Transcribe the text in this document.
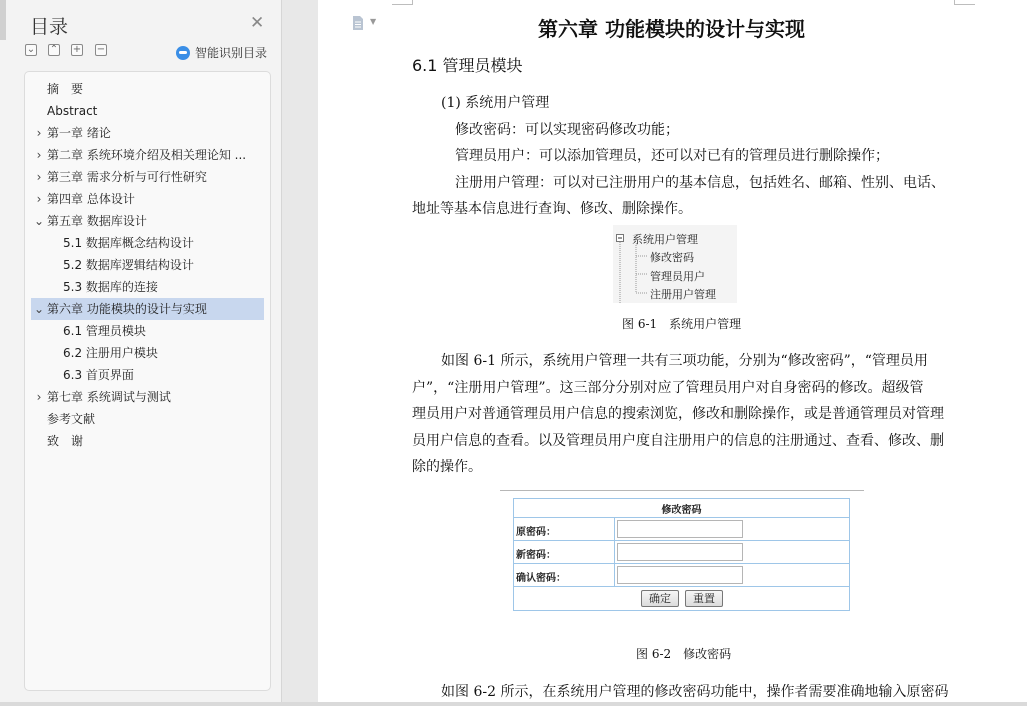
目录	✕
⌄ ⌃ + −	智能识别目录
摘　要
Abstract
› 第一章 绪论
› 第二章 系统环境介绍及相关理论知 ...
› 第三章 需求分析与可行性研究
› 第四章 总体设计
⌄ 第五章 数据库设计
5.1 数据库概念结构设计
5.2 数据库逻辑结构设计
5.3 数据库的连接
⌄ 第六章 功能模块的设计与实现
6.1 管理员模块
6.2 注册用户模块
6.3 首页界面
› 第七章 系统调试与测试
参考文献
致　谢
▼	第六章 功能模块的设计与实现
6.1 管理员模块
(1) 系统用户管理
修改密码：可以实现密码修改功能；
管理员用户：可以添加管理员，还可以对已有的管理员进行删除操作；
注册用户管理：可以对已注册用户的基本信息，包括姓名、邮箱、性别、电话、
地址等基本信息进行查询、修改、删除操作。
系统用户管理
修改密码
管理员用户
注册用户管理
图 6-1　系统用户管理
如图 6-1 所示，系统用户管理一共有三项功能，分别为“修改密码”，“管理员用
户”，“注册用户管理”。这三部分分别对应了管理员用户对自身密码的修改。超级管
理员用户对普通管理员用户信息的搜索浏览，修改和删除操作，或是普通管理员对管理
员用户信息的查看。以及管理员用户度自注册用户的信息的注册通过、查看、修改、删
除的操作。
修改密码
原密码：
新密码：
确认密码：
确定	重置
图 6-2　修改密码
如图 6-2 所示，在系统用户管理的修改密码功能中，操作者需要准确地输入原密码
